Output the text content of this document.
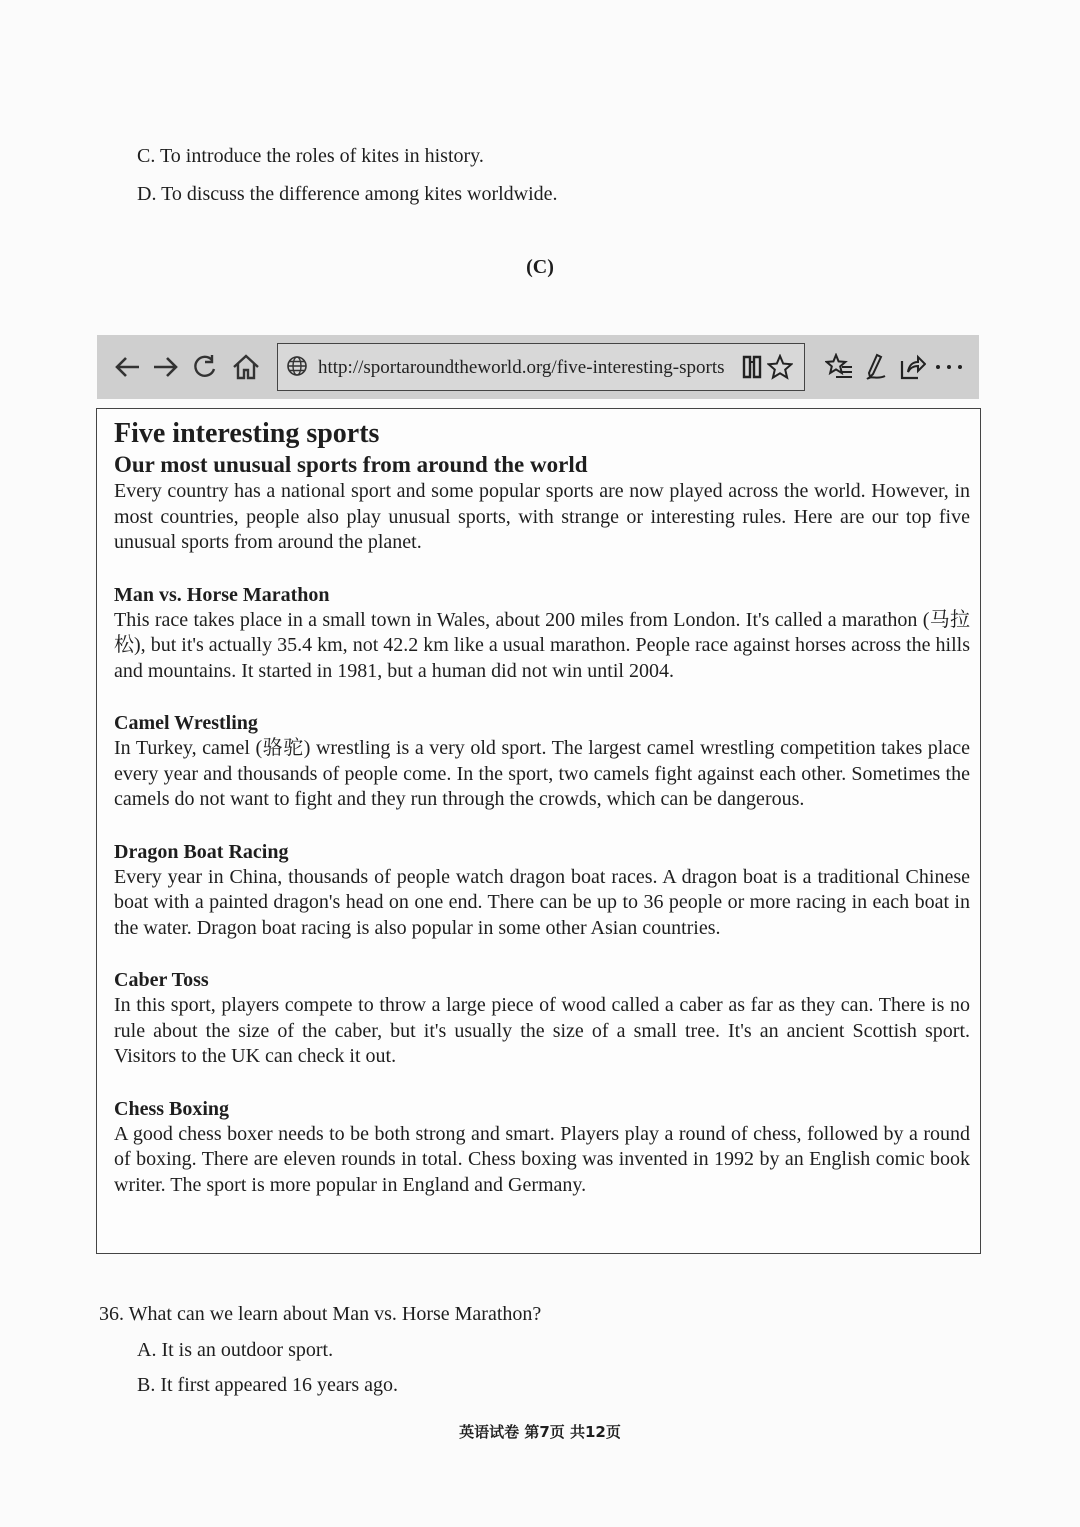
C. To introduce the roles of kites in history.
D. To discuss the difference among kites worldwide.
(C)
http://sportaroundtheworld.org/five-interesting-sports
Five interesting sports
Our most unusual sports from around the world

Every country has a national sport and some popular sports are now played across the world. However, in most countries, people also play unusual sports, with strange or interesting rules. Here are our top five unusual sports from around the planet.

Man vs. Horse Marathon

This race takes place in a small town in Wales, about 200 miles from London. It's called a marathon (马拉松), but it's actually 35.4 km, not 42.2 km like a usual marathon. People race against horses across the hills and mountains. It started in 1981, but a human did not win until 2004.

Camel Wrestling

In Turkey, camel (骆驼) wrestling is a very old sport. The largest camel wrestling competition takes place every year and thousands of people come. In the sport, two camels fight against each other. Sometimes the camels do not want to fight and they run through the crowds, which can be dangerous.

Dragon Boat Racing

Every year in China, thousands of people watch dragon boat races. A dragon boat is a traditional Chinese boat with a painted dragon's head on one end. There can be up to 36 people or more racing in each boat in the water. Dragon boat racing is also popular in some other Asian countries.

Caber Toss

In this sport, players compete to throw a large piece of wood called a caber as far as they can. There is no rule about the size of the caber, but it's usually the size of a small tree. It's an ancient Scottish sport. Visitors to the UK can check it out.

Chess Boxing

A good chess boxer needs to be both strong and smart. Players play a round of chess, followed by a round of boxing. There are eleven rounds in total. Chess boxing was invented in 1992 by an English comic book writer. The sport is more popular in England and Germany.

36. What can we learn about Man vs. Horse Marathon?
A. It is an outdoor sport.
B. It first appeared 16 years ago.
英语试卷 第7页 共12页
